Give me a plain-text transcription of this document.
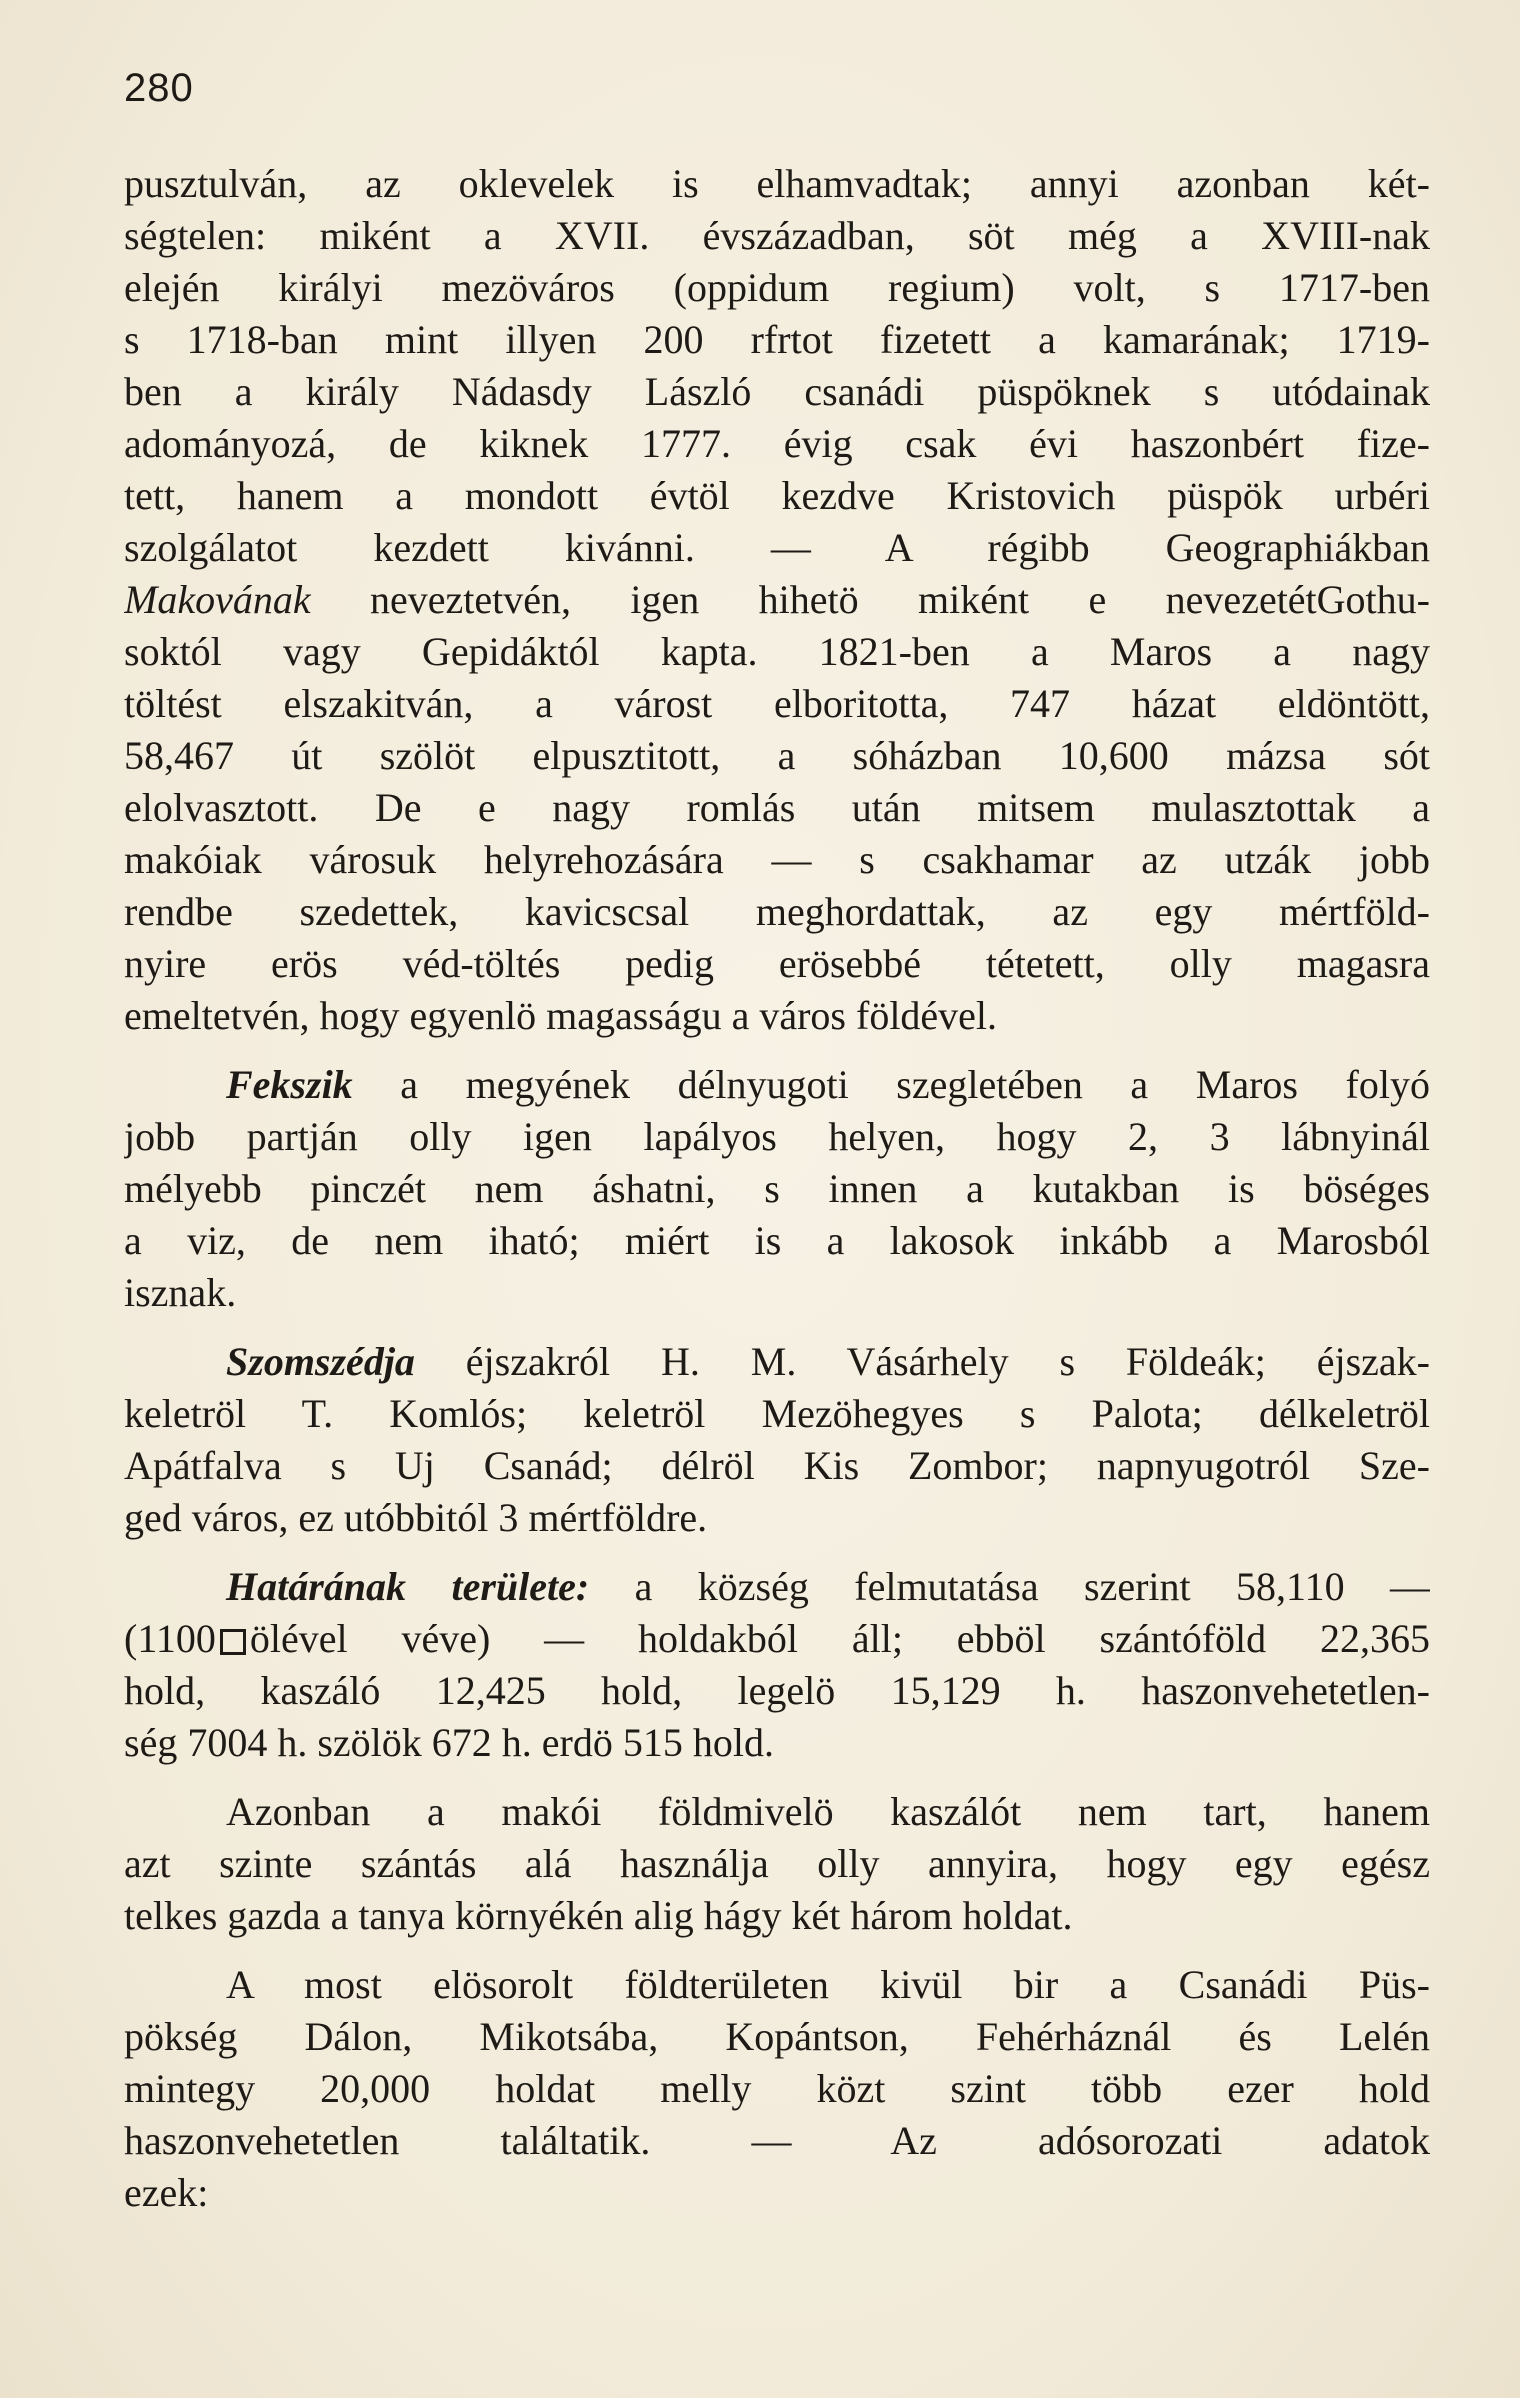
280
pusztulván, az oklevelek is elhamvadtak; annyi azonban két-
ségtelen: miként a XVII. évszázadban, söt még a XVIII-nak
elején királyi mezöváros (oppidum regium) volt, s 1717-ben
s 1718-ban mint illyen 200 rfrtot fizetett a kamarának; 1719-
ben a király Nádasdy László csanádi püspöknek s utódainak
adományozá, de kiknek 1777. évig csak évi haszonbért fize-
tett, hanem a mondott évtöl kezdve Kristovich püspök urbéri
szolgálatot kezdett kivánni. — A régibb Geographiákban
Makovának neveztetvén, igen hihetö miként e nevezetétGothu-
soktól vagy Gepidáktól kapta. 1821-ben a Maros a nagy
töltést elszakitván, a várost elboritotta, 747 házat eldöntött,
58,467 út szölöt elpusztitott, a sóházban 10,600 mázsa sót
elolvasztott. De e nagy romlás után mitsem mulasztottak a
makóiak városuk helyrehozására — s csakhamar az utzák jobb
rendbe szedettek, kavicscsal meghordattak, az egy mértföld-
nyire erös véd-töltés pedig erösebbé tétetett, olly magasra
emeltetvén, hogy egyenlö magasságu a város földével.
Fekszik a megyének délnyugoti szegletében a Maros folyó
jobb partján olly igen lapályos helyen, hogy 2, 3 lábnyinál
mélyebb pinczét nem áshatni, s innen a kutakban is böséges
a viz, de nem iható; miért is a lakosok inkább a Marosból
isznak.
Szomszédja éjszakról H. M. Vásárhely s Földeák; éjszak-
keletröl T. Komlós; keletröl Mezöhegyes s Palota; délkeletröl
Apátfalva s Uj Csanád; délröl Kis Zombor; napnyugotról Sze-
ged város, ez utóbbitól 3 mértföldre.
Határának területe: a község felmutatása szerint 58,110 —
(1100 ölével véve) — holdakból áll; ebböl szántóföld 22,365
hold, kaszáló 12,425 hold, legelö 15,129 h. haszonvehetetlen-
ség 7004 h. szölök 672 h. erdö 515 hold.
Azonban a makói földmivelö kaszálót nem tart, hanem
azt szinte szántás alá használja olly annyira, hogy egy egész
telkes gazda a tanya környékén alig hágy két három holdat.
A most elösorolt földterületen kivül bir a Csanádi Püs-
pökség Dálon, Mikotsába, Kopántson, Fehérháznál és Lelén
mintegy 20,000 holdat melly közt szint több ezer hold
haszonvehetetlen találtatik. — Az adósorozati adatok
ezek:
